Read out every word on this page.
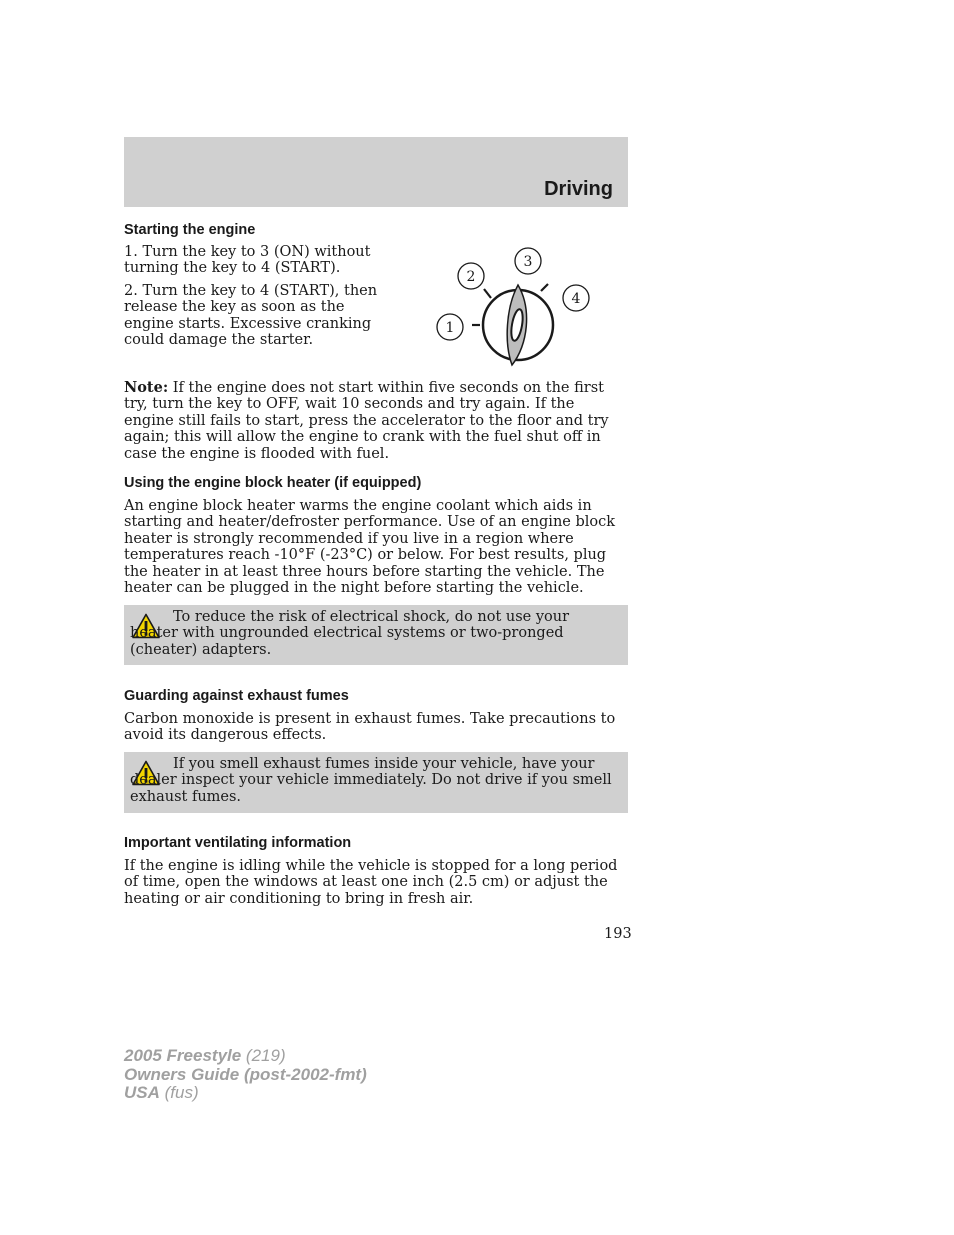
Driving
Starting the engine

1. Turn the key to 3 (ON) without turning the key to 4 (START).

2. Turn the key to 4 (START), then release the key as soon as the engine starts. Excessive cranking could damage the starter.

1
2
3
4

Note: If the engine does not start within five seconds on the first try, turn the key to OFF, wait 10 seconds and try again. If the engine still fails to start, press the accelerator to the floor and try again; this will allow the engine to crank with the fuel shut off in case the engine is flooded with fuel.

Using the engine block heater (if equipped)

An engine block heater warms the engine coolant which aids in starting and heater/defroster performance. Use of an engine block heater is strongly recommended if you live in a region where temperatures reach -10°F (-23°C) or below. For best results, plug the heater in at least three hours before starting the vehicle. The heater can be plugged in the night before starting the vehicle.

To reduce the risk of electrical shock, do not use your heater with ungrounded electrical systems or two-pronged (cheater) adapters.

Guarding against exhaust fumes

Carbon monoxide is present in exhaust fumes. Take precautions to avoid its dangerous effects.

If you smell exhaust fumes inside your vehicle, have your dealer inspect your vehicle immediately. Do not drive if you smell exhaust fumes.

Important ventilating information

If the engine is idling while the vehicle is stopped for a long period of time, open the windows at least one inch (2.5 cm) or adjust the heating or air conditioning to bring in fresh air.

193
2005 Freestyle (219)
Owners Guide (post-2002-fmt)
USA (fus)
